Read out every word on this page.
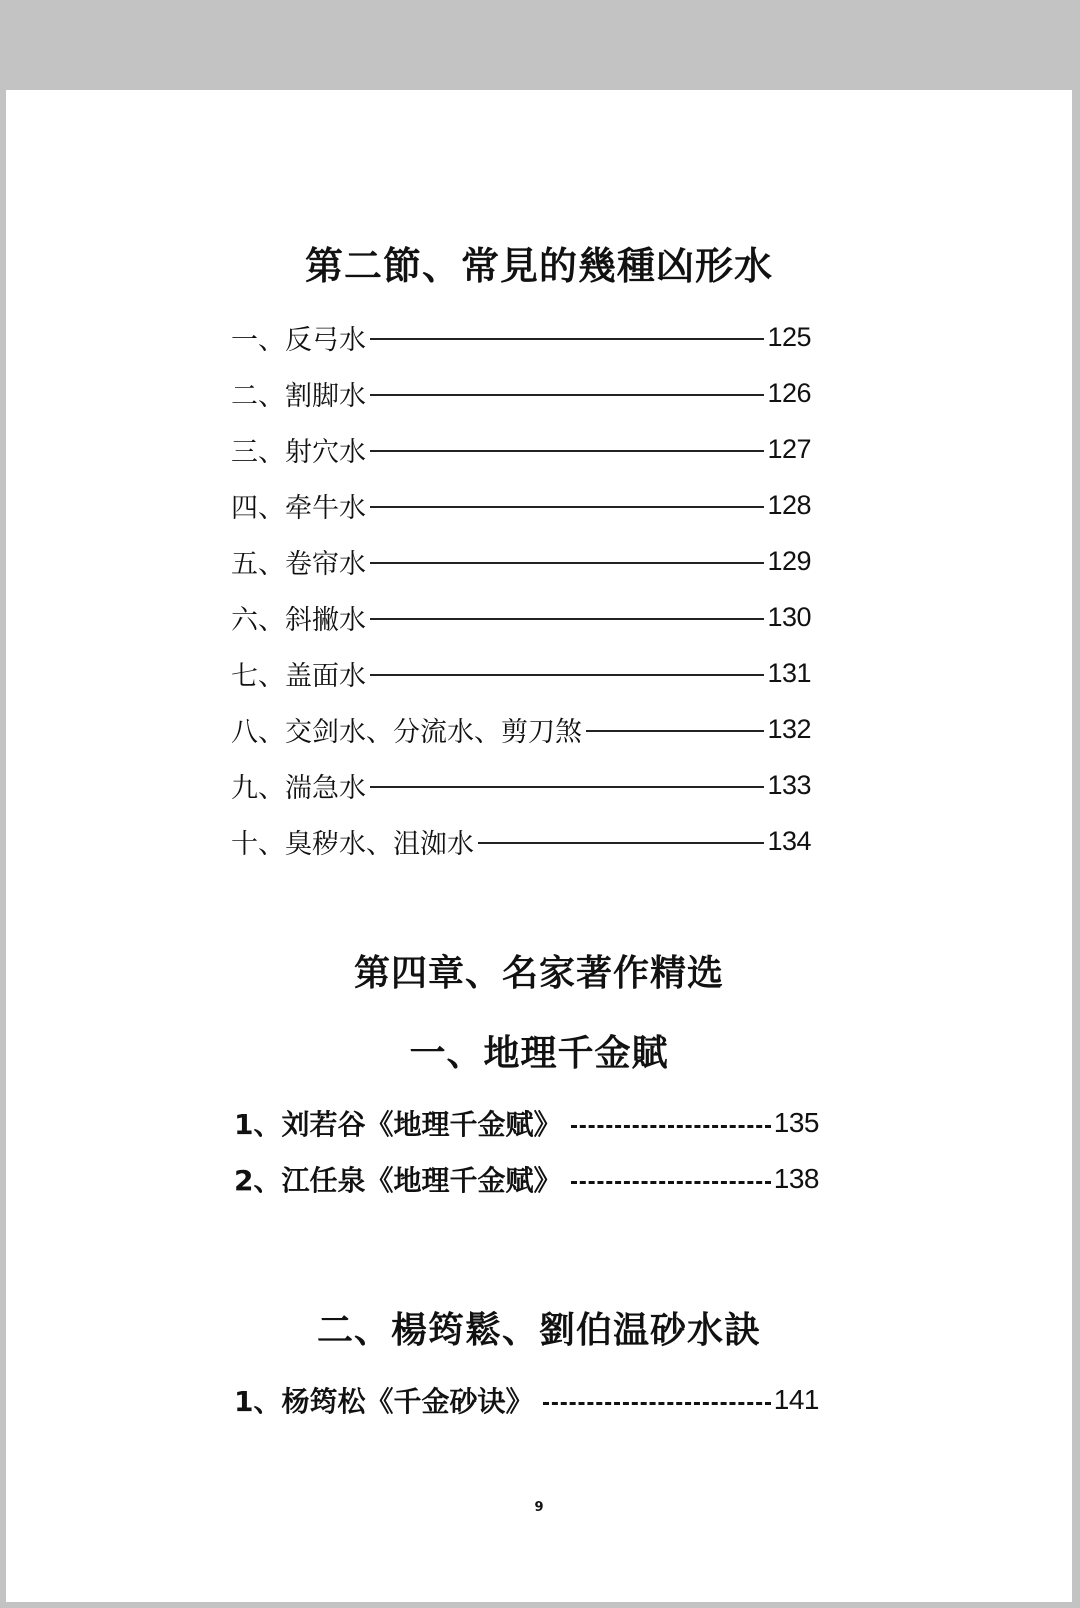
第二節、常見的幾種凶形水
一、反弓水	125
二、割脚水	126
三、射穴水	127
四、牵牛水	128
五、卷帘水	129
六、斜撇水	130
七、盖面水	131
八、交剑水、分流水、剪刀煞	132
九、湍急水	133
十、臭秽水、沮洳水	134
第四章、名家著作精选
一、地理千金賦
1、刘若谷《地理千金赋》	135
2、江任泉《地理千金赋》	138
二、楊筠鬆、劉伯温砂水訣
1、杨筠松《千金砂诀》	141
9
